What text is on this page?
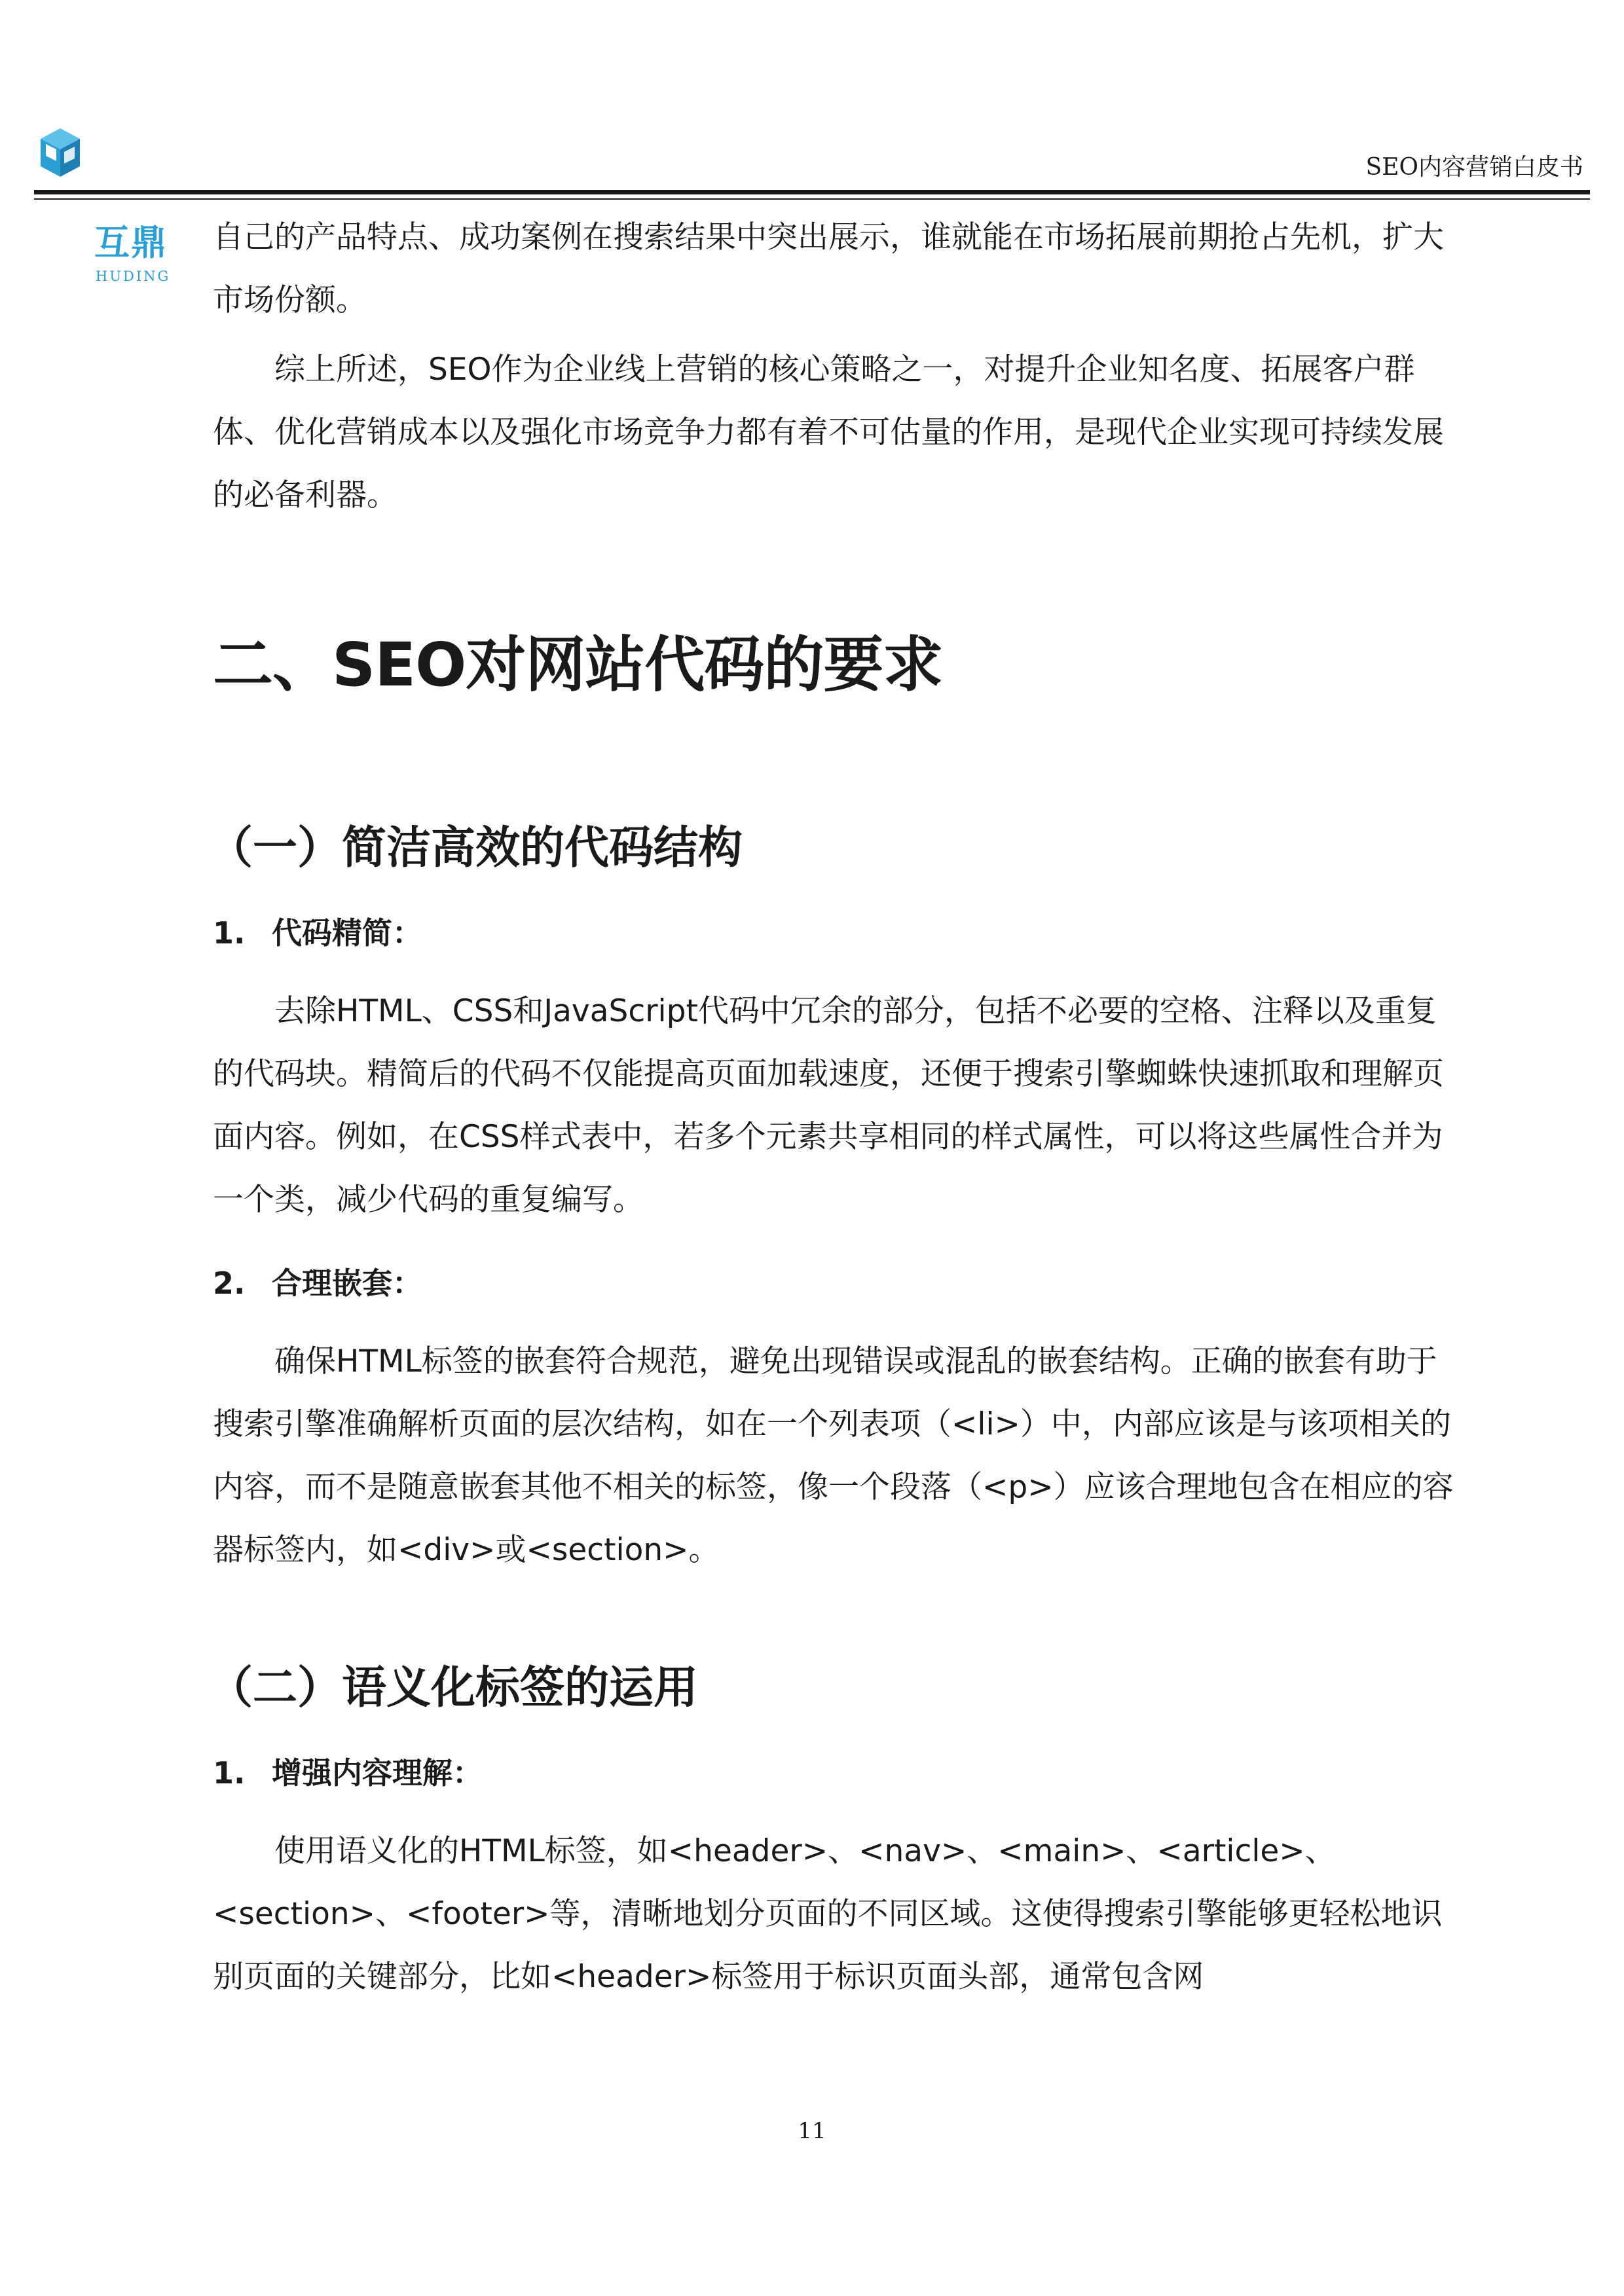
互鼎
HUDING
SEO内容营销白皮书

自己的产品特点、成功案例在搜索结果中突出展示，谁就能在市场拓展前期抢占先机，扩大市场份额。

综上所述，SEO作为企业线上营销的核心策略之一，对提升企业知名度、拓展客户群体、优化营销成本以及强化市场竞争力都有着不可估量的作用，是现代企业实现可持续发展的必备利器。

二、SEO对网站代码的要求
（一）简洁高效的代码结构
1. 代码精简：

去除HTML、CSS和JavaScript代码中冗余的部分，包括不必要的空格、注释以及重复的代码块。精简后的代码不仅能提高页面加载速度，还便于搜索引擎蜘蛛快速抓取和理解页面内容。例如，在CSS样式表中，若多个元素共享相同的样式属性，可以将这些属性合并为一个类，减少代码的重复编写。

2. 合理嵌套：

确保HTML标签的嵌套符合规范，避免出现错误或混乱的嵌套结构。正确的嵌套有助于搜索引擎准确解析页面的层次结构，如在一个列表项（<li>）中，内部应该是与该项相关的内容，而不是随意嵌套其他不相关的标签，像一个段落（<p>）应该合理地包含在相应的容器标签内，如<div>或<section>。

（二）语义化标签的运用
1. 增强内容理解：

使用语义化的HTML标签，如<header>、<nav>、<main>、<article>、<section>、<footer>等，清晰地划分页面的不同区域。这使得搜索引擎能够更轻松地识别页面的关键部分，比如<header>标签用于标识页面头部，通常包含网

11
